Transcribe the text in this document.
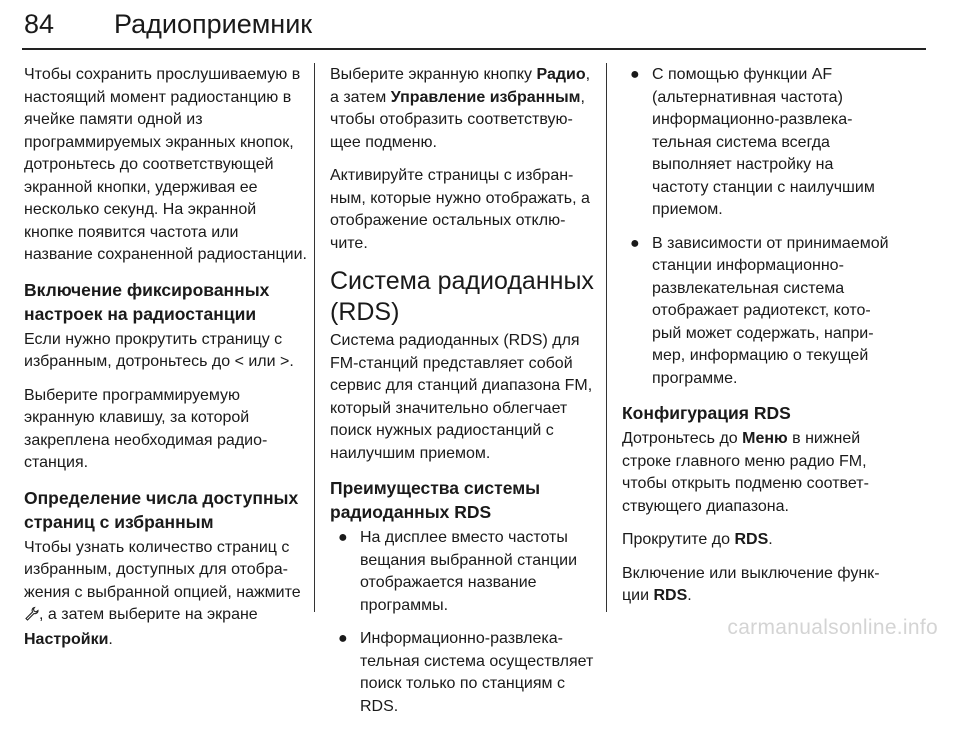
84 Радиоприемник

Чтобы сохранить прослушиваемую в настоящий момент радиостанцию в ячейке памяти одной из программируемых экранных кнопок, дотроньтесь до соответствующей экранной кнопки, удерживая ее несколько секунд. На экранной кнопке появится частота или название сохраненной радиостанции.

Включение фиксированных настроек на радиостанции

Если нужно прокрутить страницу с избранным, дотроньтесь до < или >.

Выберите программируемую экранную клавишу, за которой закреплена необходимая радиостанция.

Определение числа доступных страниц с избранным

Чтобы узнать количество страниц с избранным, доступных для отображения с выбранной опцией, нажмите , а затем выберите на экране Настройки.

Выберите экранную кнопку Радио, а затем Управление избранным, чтобы отобразить соответствующее подменю.

Активируйте страницы с избранным, которые нужно отображать, а отображение остальных отключите.

Система радиоданных (RDS)

Система радиоданных (RDS) для FM-станций представляет собой сервис для станций диапазона FM, который значительно облегчает поиск нужных радиостанций с наилучшим приемом.

Преимущества системы радиоданных RDS
● На дисплее вместо частоты вещания выбранной станции отображается название программы.
● Информационно-развлекательная система осуществляет поиск только по станциям с RDS.
● С помощью функции AF (альтернативная частота) информационно-развлекательная система всегда выполняет настройку на частоту станции с наилучшим приемом.
● В зависимости от принимаемой станции информационно-развлекательная система отображает радиотекст, который может содержать, например, информацию о текущей программе.
Конфигурация RDS

Дотроньтесь до Меню в нижней строке главного меню радио FM, чтобы открыть подменю соответствующего диапазона.

Прокрутите до RDS.

Включение или выключение функции RDS.

carmanualsonline.info
